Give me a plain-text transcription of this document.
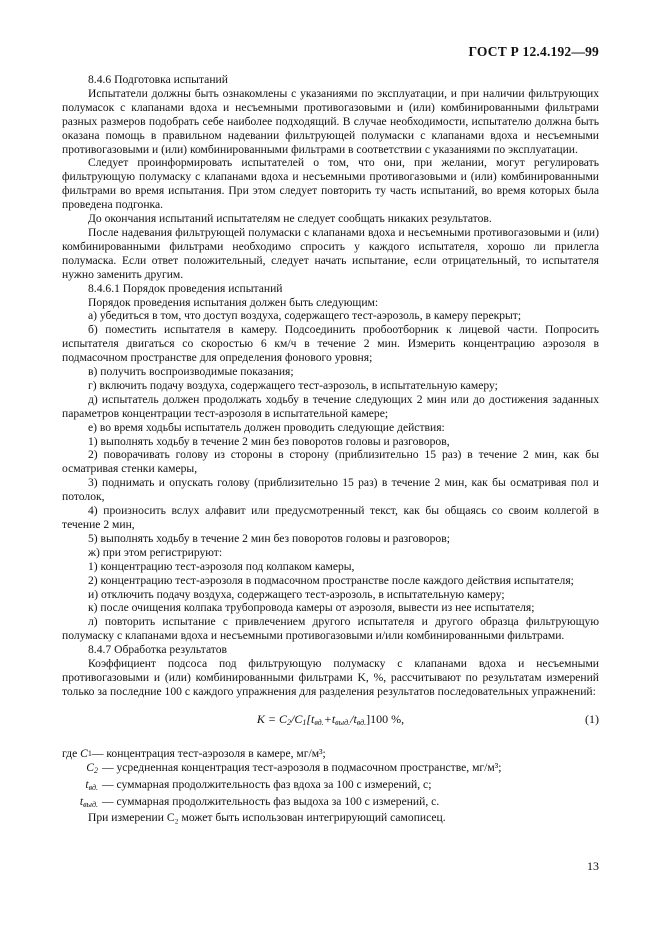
ГОСТ Р 12.4.192—99

8.4.6 Подготовка испытаний

Испытатели должны быть ознакомлены с указаниями по эксплуатации, и при наличии фильтрующих полумасок с клапанами вдоха и несъемными противогазовыми и (или) комбинированными фильтрами разных размеров подобрать себе наиболее подходящий. В случае необходимости, испытателю должна быть оказана помощь в правильном надевании фильтрующей полумаски с клапанами вдоха и несъемными противогазовыми и (или) комбинированными фильтрами в соответствии с указаниями по эксплуатации.

Следует проинформировать испытателей о том, что они, при желании, могут регулировать фильтрующую полумаску с клапанами вдоха и несъемными противогазовыми и (или) комбинированными фильтрами во время испытания. При этом следует повторить ту часть испытаний, во время которых была проведена подгонка.

До окончания испытаний испытателям не следует сообщать никаких результатов.

После надевания фильтрующей полумаски с клапанами вдоха и несъемными противогазовыми и (или) комбинированными фильтрами необходимо спросить у каждого испытателя, хорошо ли прилегла полумаска. Если ответ положительный, следует начать испытание, если отрицательный, то испытателя нужно заменить другим.

8.4.6.1 Порядок проведения испытаний

Порядок проведения испытания должен быть следующим:

а) убедиться в том, что доступ воздуха, содержащего тест-аэрозоль, в камеру перекрыт;

б) поместить испытателя в камеру. Подсоединить пробоотборник к лицевой части. Попросить испытателя двигаться со скоростью 6 км/ч в течение 2 мин. Измерить концентрацию аэрозоля в подмасочном пространстве для определения фонового уровня;

в) получить воспроизводимые показания;

г) включить подачу воздуха, содержащего тест-аэрозоль, в испытательную камеру;

д) испытатель должен продолжать ходьбу в течение следующих 2 мин или до достижения заданных параметров концентрации тест-аэрозоля в испытательной камере;

е) во время ходьбы испытатель должен проводить следующие действия:

1) выполнять ходьбу в течение 2 мин без поворотов головы и разговоров,

2) поворачивать голову из стороны в сторону (приблизительно 15 раз) в течение 2 мин, как бы осматривая стенки камеры,

3) поднимать и опускать голову (приблизительно 15 раз) в течение 2 мин, как бы осматривая пол и потолок,

4) произносить вслух алфавит или предусмотренный текст, как бы общаясь со своим коллегой в течение 2 мин,

5) выполнять ходьбу в течение 2 мин без поворотов головы и разговоров;

ж) при этом регистрируют:

1) концентрацию тест-аэрозоля под колпаком камеры,

2) концентрацию тест-аэрозоля в подмасочном пространстве после каждого действия испытателя;

и) отключить подачу воздуха, содержащего тест-аэрозоль, в испытательную камеру;

к) после очищения колпака трубопровода камеры от аэрозоля, вывести из нее испытателя;

л) повторить испытание с привлечением другого испытателя и другого образца фильтрующую полумаску с клапанами вдоха и несъемными противогазовыми и/или комбинированными фильтрами.

8.4.7 Обработка результатов

Коэффициент подсоса под фильтрующую полумаску с клапанами вдоха и несъемными противогазовыми и (или) комбинированными фильтрами K, %, рассчитывают по результатам измерений только за последние 100 с каждого упражнения для разделения результатов последовательных упражнений:

$K = C_2/C_1[t_{вд.}+t_{выд.}/t_{вд.}]100$ %,	(1)
где
C 1 — концентрация тест-аэрозоля в камере, мг/м³;
$C_2$ — усредненная концентрация тест-аэрозоля в подмасочном пространстве, мг/м³;
$t_{вд.}$ — суммарная продолжительность фаз вдоха за 100 с измерений, с;
$t_{выд.}$ — суммарная продолжительность фаз выдоха за 100 с измерений, с.

При измерении C₂ может быть использован интегрирующий самописец.

13
